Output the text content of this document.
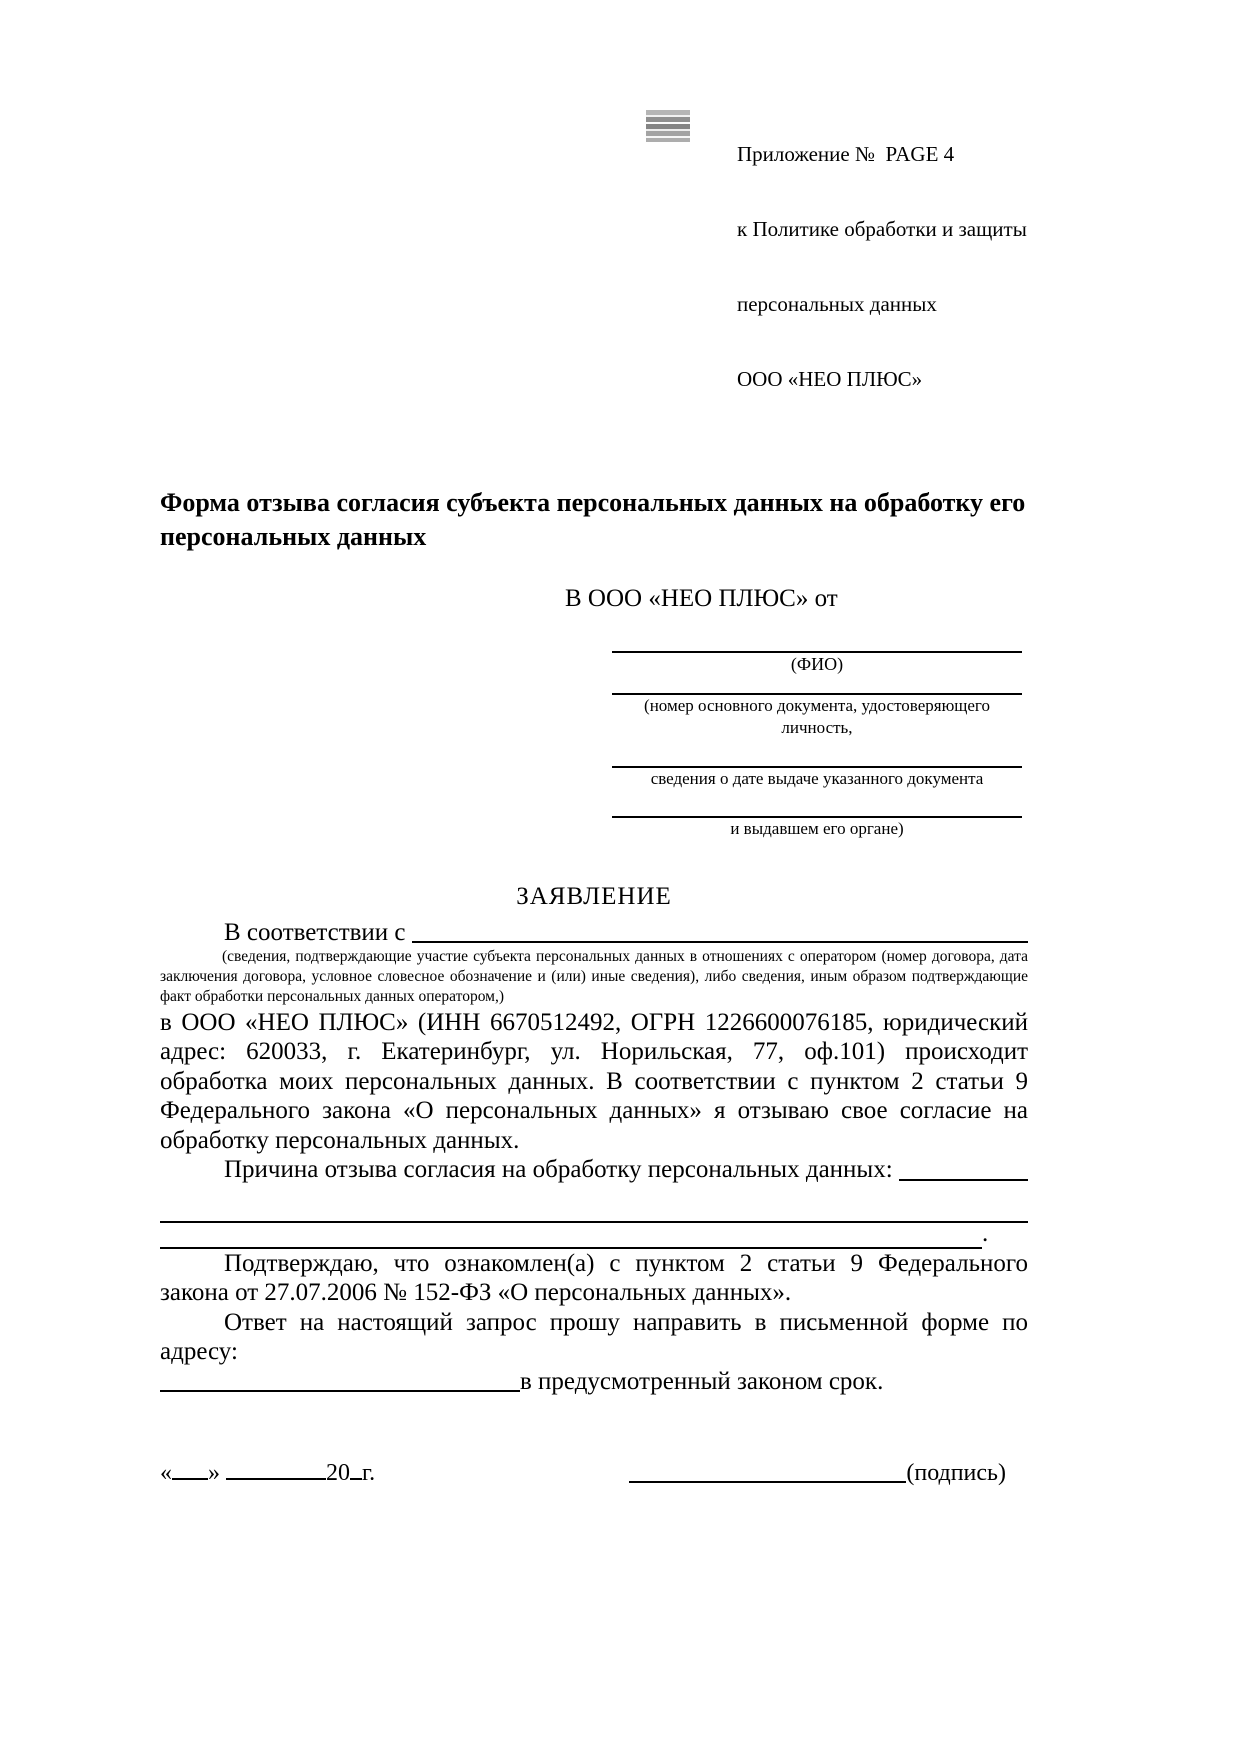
Приложение №  PAGE 4

к Политике обработки и защиты

персональных данных

ООО «НЕО ПЛЮС»

Форма отзыва согласия субъекта персональных данных на обработку его персональных данных
В ООО «НЕО ПЛЮС» от
(ФИО)
(номер основного документа, удостоверяющего личность,
сведения о дате выдаче указанного документа
и выдавшем его органе)
ЗАЯВЛЕНИЕ
В соответствии с
(сведения, подтверждающие участие субъекта персональных данных в отношениях с оператором (номер договора, дата заключения договора, условное словесное обозначение и (или) иные сведения), либо сведения, иным образом подтверждающие факт обработки персональных данных оператором,)
в ООО «НЕО ПЛЮС» (ИНН 6670512492, ОГРН 1226600076185, юридический адрес: 620033, г. Екатеринбург, ул. Норильская, 77, оф.101) происходит обработка моих персональных данных. В соответствии с пунктом 2 статьи 9 Федерального закона «О персональных данных» я отзываю свое согласие на обработку персональных данных.
Причина отзыва согласия на обработку персональных данных:
.
Подтверждаю, что ознакомлен(а) с пунктом 2 статьи 9 Федерального закона от 27.07.2006 № 152-ФЗ «О персональных данных».
Ответ на настоящий запрос прошу направить в письменной форме по адресу:
в предусмотренный законом срок.
« »	20 г.	(подпись)
